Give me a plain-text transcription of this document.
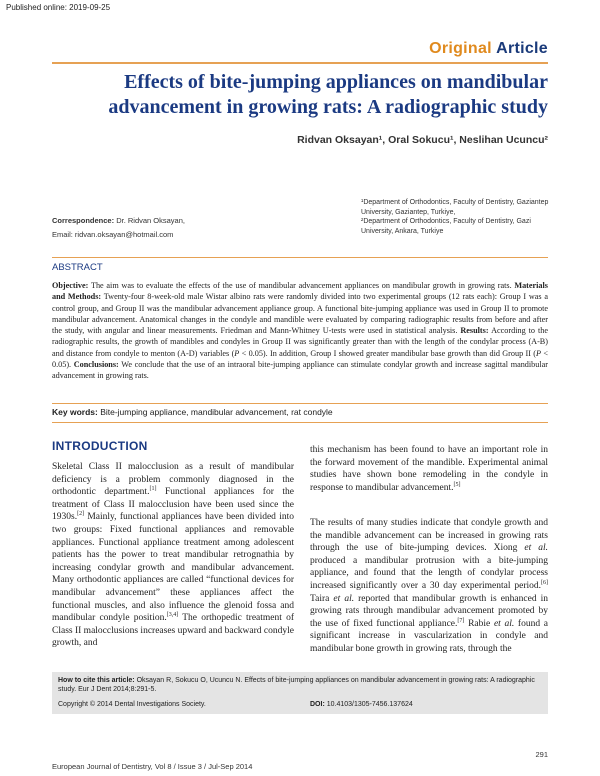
Published online: 2019-09-25
Original Article
Effects of bite-jumping appliances on mandibular advancement in growing rats: A radiographic study
Ridvan Oksayan¹, Oral Sokucu¹, Neslihan Ucuncu²
¹Department of Orthodontics, Faculty of Dentistry, Gaziantep University, Gaziantep, Turkiye,
²Department of Orthodontics, Faculty of Dentistry, Gazi University, Ankara, Turkiye
Correspondence: Dr. Ridvan Oksayan,
Email: ridvan.oksayan@hotmail.com
ABSTRACT
Objective: The aim was to evaluate the effects of the use of mandibular advancement appliances on mandibular growth in growing rats. Materials and Methods: Twenty-four 8-week-old male Wistar albino rats were randomly divided into two experimental groups (12 rats each): Group I was a control group, and Group II was the mandibular advancement appliance group. A functional bite-jumping appliance was used in Group II to promote mandibular advancement. Anatomical changes in the condyle and mandible were evaluated by comparing radiographic results from before and after the study, with angular and linear measurements. Friedman and Mann-Whitney U-tests were used in statistical analysis. Results: According to the radiographic results, the growth of mandibles and condyles in Group II was significantly greater than with the length of the condylar process (A-B) and distance from condyle to menton (A-D) variables (P < 0.05). In addition, Group I showed greater mandibular base growth than did Group II (P < 0.05). Conclusions: We conclude that the use of an intraoral bite-jumping appliance can stimulate condylar growth and increase sagittal mandibular advancement in growing rats.
Key words: Bite-jumping appliance, mandibular advancement, rat condyle
INTRODUCTION
Skeletal Class II malocclusion as a result of mandibular deficiency is a problem commonly diagnosed in the orthodontic department.[1] Functional appliances for the treatment of Class II malocclusion have been used since the 1930s.[2] Mainly, functional appliances have been divided into two groups: Fixed functional appliances and removable appliances. Functional appliance treatment among adolescent patients has the power to treat mandibular retrognathia by increasing condylar growth and mandibular advancement. Many orthodontic appliances are called “functional devices for mandibular advancement” these appliances affect the functional muscles, and also influence the glenoid fossa and mandibular condyle position.[3,4] The orthopedic treatment of Class II malocclusions increases upward and backward condyle growth, and
this mechanism has been found to have an important role in the forward movement of the mandible. Experimental animal studies have shown bone remodeling in the condyle in response to mandibular advancement.[5]
The results of many studies indicate that condyle growth and the mandible advancement can be increased in growing rats through the use of bite-jumping devices. Xiong et al. produced a mandibular protrusion with a bite-jumping appliance, and found that the length of condylar process increased significantly over a 30 day experimental period.[6] Taira et al. reported that mandibular growth is enhanced in growing rats through mandibular advancement promoted by the use of fixed functional appliance.[7] Rabie et al. found a significant increase in vascularization in condyle and mandibular bone growth in growing rats, through the
How to cite this article: Oksayan R, Sokucu O, Ucuncu N. Effects of bite-jumping appliances on mandibular advancement in growing rats: A radiographic study. Eur J Dent 2014;8:291-5.
Copyright © 2014 Dental Investigations Society.	DOI: 10.4103/1305-7456.137624
291
European Journal of Dentistry, Vol 8 / Issue 3 / Jul-Sep 2014
